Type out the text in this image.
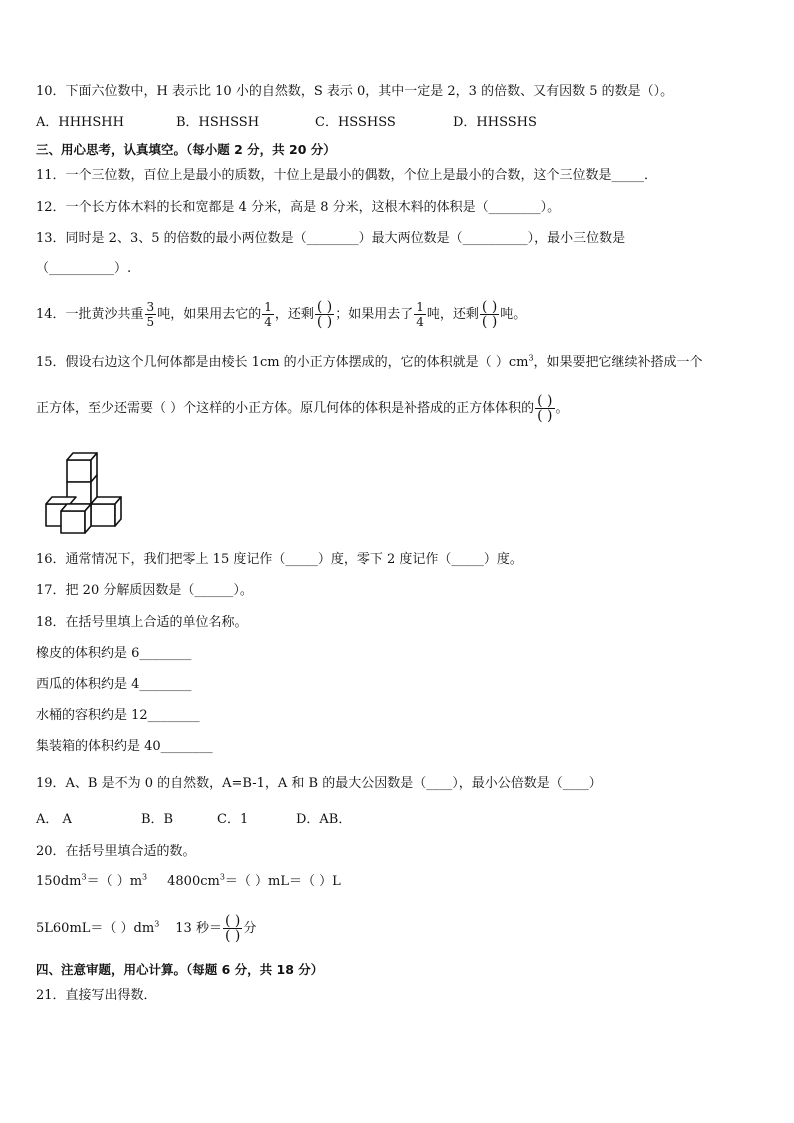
10．下面六位数中，H 表示比 10 小的自然数，S 表示 0，其中一定是 2，3 的倍数、又有因数 5 的数是（）。
A．HHHSHH	B．HSHSSH	C．HSSHSS	D．HHSSHS
三、用心思考，认真填空。（每小题 2 分，共 20 分）
11．一个三位数，百位上是最小的质数，十位上是最小的偶数，个位上是最小的合数，这个三位数是_____．
12．一个长方体木料的长和宽都是 4 分米，高是 8 分米，这根木料的体积是（________）。
13．同时是 2、3、5 的倍数的最小两位数是（________）最大两位数是（__________），最小三位数是
（__________）.
14．一批黄沙共重 $\frac{3}{5}$ 吨，如果用去它的 $\frac{1}{4}$ ，还剩 $\frac{( )}{( )}$ ；如果用去了 $\frac{1}{4}$ 吨，还剩 $\frac{( )}{( )}$ 吨。
15．假设右边这个几何体都是由棱长 1cm 的小正方体摆成的，它的体积就是（ ）$cm^3$，如果要把它继续补搭成一个
正方体，至少还需要（ ）个这样的小正方体。原几何体的体积是补搭成的正方体体积的 $\frac{( )}{( )}$ 。
16．通常情况下，我们把零上 15 度记作（_____）度，零下 2 度记作（_____）度。
17．把 20 分解质因数是（______）。
18．在括号里填上合适的单位名称。
橡皮的体积约是 6________
西瓜的体积约是 4________
水桶的容积约是 12________
集装箱的体积约是 40________
19．A、B 是不为 0 的自然数，A=B-1，A 和 B 的最大公因数是（____），最小公倍数是（____）
A． A	B．B	C．1	D．AB．
20．在括号里填合适的数。
$150dm^3=$（ ）$m^3$ $4800cm^3=$（ ）mL＝（ ）L
5L60mL＝（ ）$dm^3$ 13 秒＝ $\frac{( )}{( )}$ 分
四、注意审题，用心计算。（每题 6 分，共 18 分）
21．直接写出得数．
